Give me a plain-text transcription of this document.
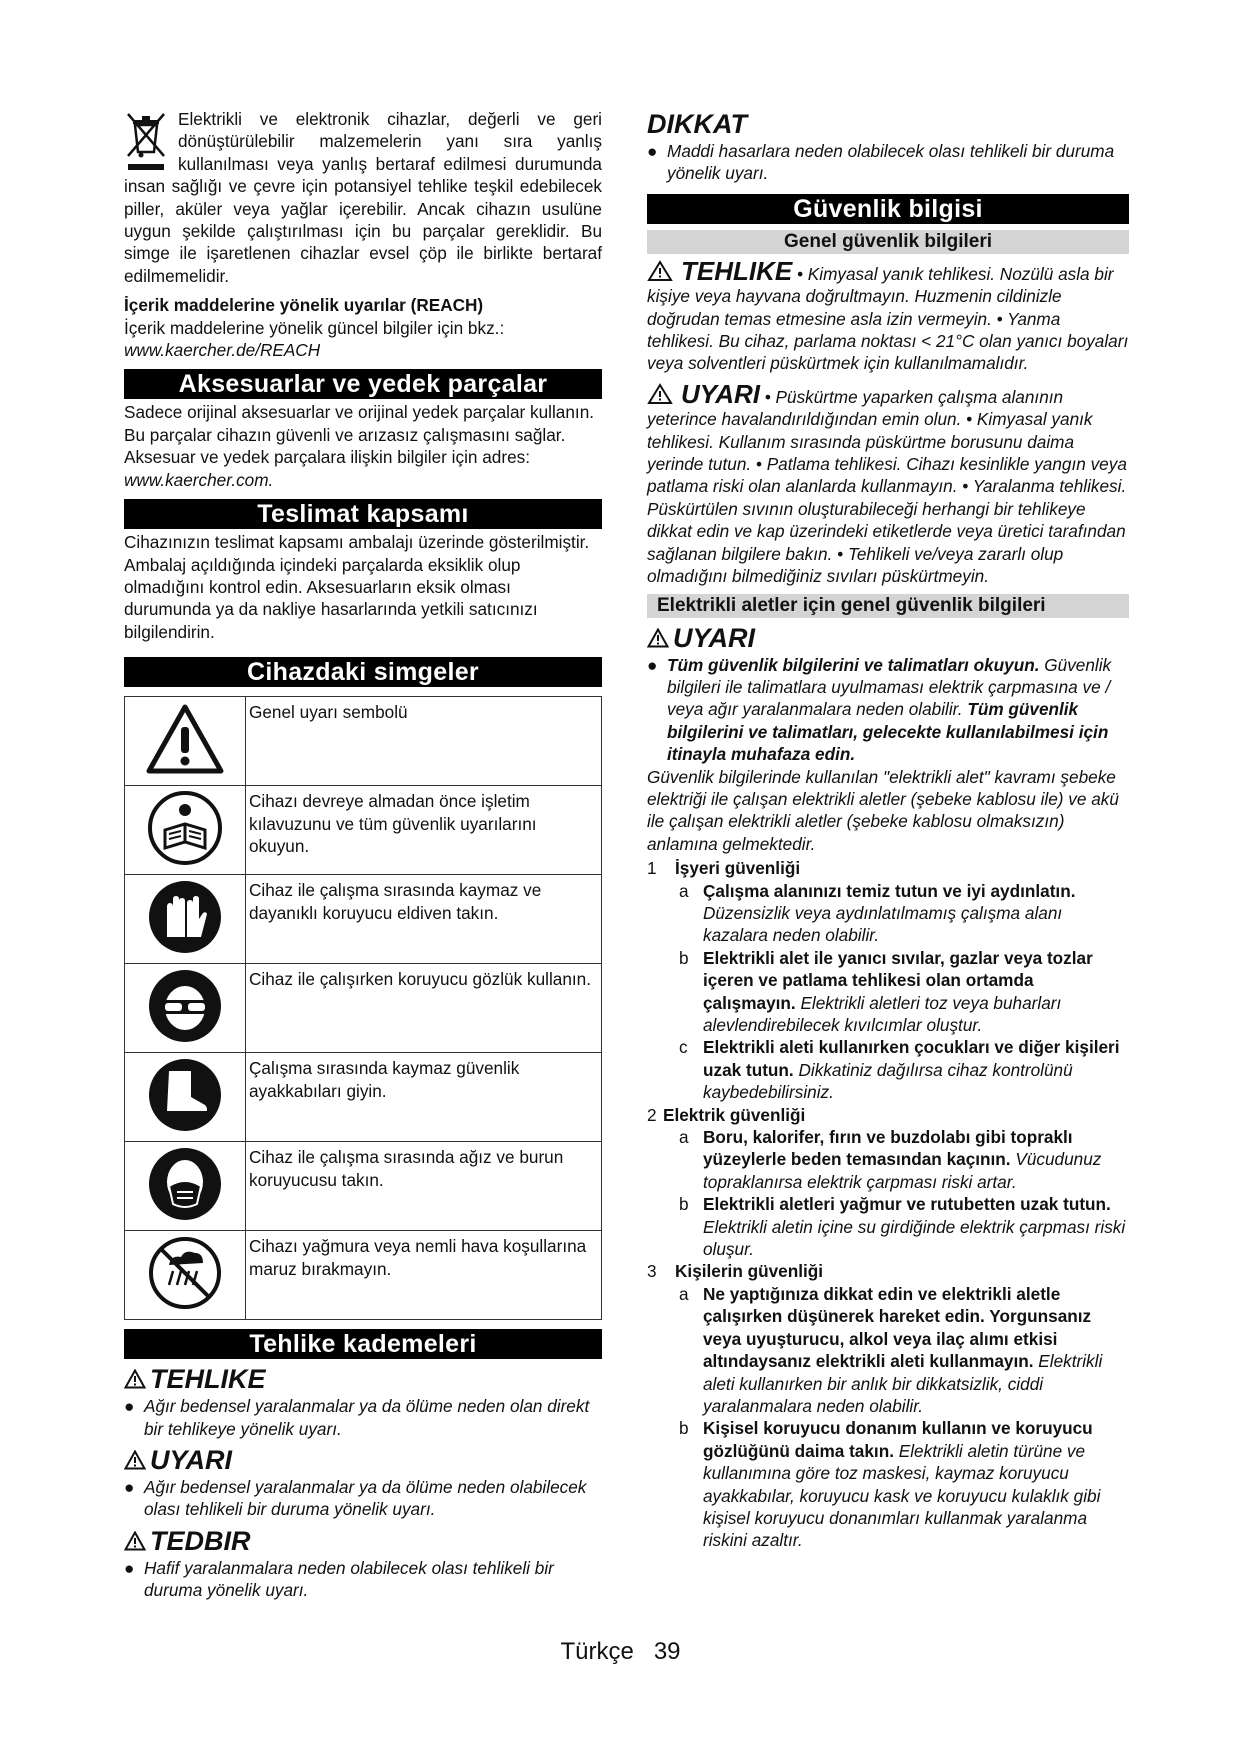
Elektrikli ve elektronik cihazlar, değerli ve geri dönüştürülebilir malzemelerin yanı sıra yanlış kullanılması veya yanlış bertaraf edilmesi durumunda insan sağlığı ve çevre için potansiyel tehlike teşkil edebilecek piller, aküler veya yağlar içerebilir. Ancak cihazın usulüne uygun şekilde çalıştırılması için bu parçalar gereklidir. Bu simge ile işaretlenen cihazlar evsel çöp ile birlikte bertaraf edilmemelidir.

İçerik maddelerine yönelik uyarılar (REACH)

İçerik maddelerine yönelik güncel bilgiler için bkz.:

www.kaercher.de/REACH

Aksesuarlar ve yedek parçalar

Sadece orijinal aksesuarlar ve orijinal yedek parçalar kullanın. Bu parçalar cihazın güvenli ve arızasız çalışmasını sağlar.

Aksesuar ve yedek parçalara ilişkin bilgiler için adres:

www.kaercher.com.

Teslimat kapsamı

Cihazınızın teslimat kapsamı ambalajı üzerinde gösterilmiştir. Ambalaj açıldığında içindeki parçalarda eksiklik olup olmadığını kontrol edin. Aksesuarların eksik olması durumunda ya da nakliye hasarlarında yetkili satıcınızı bilgilendirin.

Cihazdaki simgeler
	Genel uyarı sembolü
	Cihazı devreye almadan önce işletim kılavuzunu ve tüm güvenlik uyarılarını okuyun.
	Cihaz ile çalışma sırasında kaymaz ve dayanıklı koruyucu eldiven takın.
	Cihaz ile çalışırken koruyucu gözlük kullanın.
	Çalışma sırasında kaymaz güvenlik ayakkabıları giyin.
	Cihaz ile çalışma sırasında ağız ve burun koruyucusu takın.
	Cihazı yağmura veya nemli hava koşullarına maruz bırakmayın.
Tehlike kademeleri
TEHLIKE
● Ağır bedensel yaralanmalar ya da ölüme neden olan direkt bir tehlikeye yönelik uyarı.
UYARI
● Ağır bedensel yaralanmalar ya da ölüme neden olabilecek olası tehlikeli bir duruma yönelik uyarı.
TEDBIR
● Hafif yaralanmalara neden olabilecek olası tehlikeli bir duruma yönelik uyarı.
DIKKAT
● Maddi hasarlara neden olabilecek olası tehlikeli bir duruma yönelik uyarı.
Güvenlik bilgisi
Genel güvenlik bilgileri

TEHLIKE • Kimyasal yanık tehlikesi. Nozülü asla bir kişiye veya hayvana doğrultmayın. Huzmenin cildinizle doğrudan temas etmesine asla izin vermeyin. • Yanma tehlikesi. Bu cihaz, parlama noktası < 21°C olan yanıcı boyaları veya solventleri püskürtmek için kullanılmamalıdır.

UYARI • Püskürtme yaparken çalışma alanının yeterince havalandırıldığından emin olun. • Kimyasal yanık tehlikesi. Kullanım sırasında püskürtme borusunu daima yerinde tutun. • Patlama tehlikesi. Cihazı kesinlikle yangın veya patlama riski olan alanlarda kullanmayın. • Yaralanma tehlikesi. Püskürtülen sıvının oluşturabileceği herhangi bir tehlikeye dikkat edin ve kap üzerindeki etiketlerde veya üretici tarafından sağlanan bilgilere bakın. • Tehlikeli ve/veya zararlı olup olmadığını bilmediğiniz sıvıları püskürtmeyin.

Elektrikli aletler için genel güvenlik bilgileri
UYARI
● Tüm güvenlik bilgilerini ve talimatları okuyun. Güvenlik bilgileri ile talimatlara uyulmaması elektrik çarpmasına ve / veya ağır yaralanmalara neden olabilir. Tüm güvenlik bilgilerini ve talimatları, gelecekte kullanılabilmesi için itinayla muhafaza edin.

Güvenlik bilgilerinde kullanılan "elektrikli alet" kavramı şebeke elektriği ile çalışan elektrikli aletler (şebeke kablosu ile) ve akü ile çalışan elektrikli aletler (şebeke kablosu olmaksızın) anlamına gelmektedir.

1	İşyeri güvenliği
a Çalışma alanınızı temiz tutun ve iyi aydınlatın. Düzensizlik veya aydınlatılmamış çalışma alanı kazalara neden olabilir.
b Elektrikli alet ile yanıcı sıvılar, gazlar veya tozlar içeren ve patlama tehlikesi olan ortamda çalışmayın. Elektrikli aletleri toz veya buharları alevlendirebilecek kıvılcımlar oluştur.
c Elektrikli aleti kullanırken çocukları ve diğer kişileri uzak tutun. Dikkatiniz dağılırsa cihaz kontrolünü kaybedebilirsiniz.
2 Elektrik güvenliği
a Boru, kalorifer, fırın ve buzdolabı gibi topraklı yüzeylerle beden temasından kaçının. Vücudunuz topraklanırsa elektrik çarpması riski artar.
b Elektrikli aletleri yağmur ve rutubetten uzak tutun. Elektrikli aletin içine su girdiğinde elektrik çarpması riski oluşur.
3	Kişilerin güvenliği
a Ne yaptığınıza dikkat edin ve elektrikli aletle çalışırken düşünerek hareket edin. Yorgunsanız veya uyuşturucu, alkol veya ilaç alımı etkisi altındaysanız elektrikli aleti kullanmayın. Elektrikli aleti kullanırken bir anlık bir dikkatsizlik, ciddi yaralanmalara neden olabilir.
b Kişisel koruyucu donanım kullanın ve koruyucu gözlüğünü daima takın. Elektrikli aletin türüne ve kullanımına göre toz maskesi, kaymaz koruyucu ayakkabılar, koruyucu kask ve koruyucu kulaklık gibi kişisel koruyucu donanımları kullanmak yaralanma riskini azaltır.
Türkçe 39
